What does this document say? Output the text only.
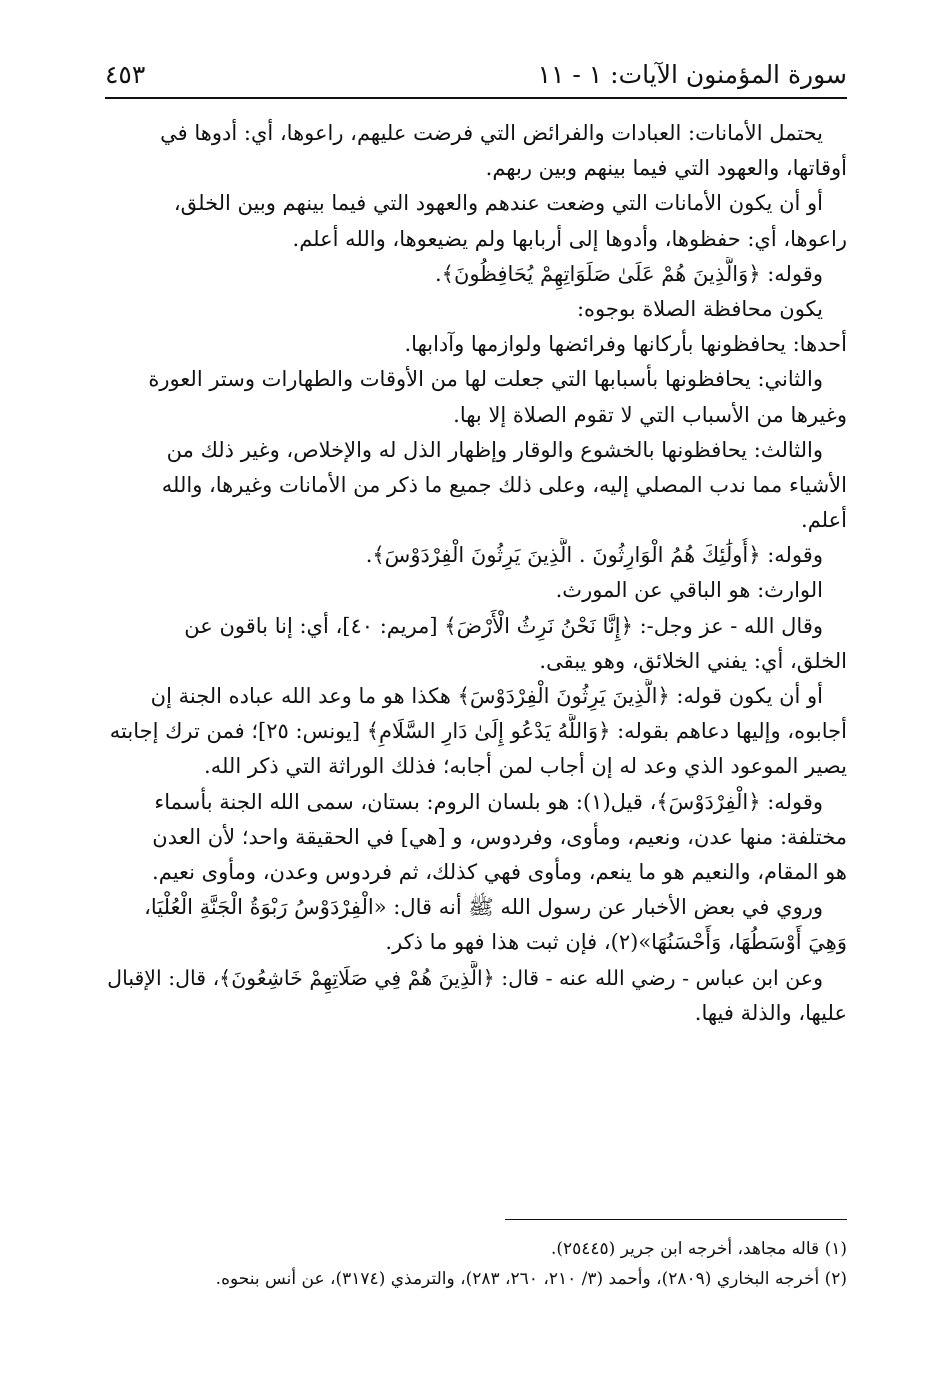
سورة المؤمنون الآيات: ١ - ١١
٤٥٣
يحتمل الأمانات: العبادات والفرائض التي فرضت عليهم، راعوها، أي: أدوها في
أوقاتها، والعهود التي فيما بينهم وبين ربهم.
أو أن يكون الأمانات التي وضعت عندهم والعهود التي فيما بينهم وبين الخلق،
راعوها، أي: حفظوها، وأدوها إلى أربابها ولم يضيعوها، والله أعلم.
وقوله: ﴿وَالَّذِينَ هُمْ عَلَىٰ صَلَوَاتِهِمْ يُحَافِظُونَ﴾.
يكون محافظة الصلاة بوجوه:
أحدها: يحافظونها بأركانها وفرائضها ولوازمها وآدابها.
والثاني: يحافظونها بأسبابها التي جعلت لها من الأوقات والطهارات وستر العورة
وغيرها من الأسباب التي لا تقوم الصلاة إلا بها.
والثالث: يحافظونها بالخشوع والوقار وإظهار الذل له والإخلاص، وغير ذلك من
الأشياء مما ندب المصلي إليه، وعلى ذلك جميع ما ذكر من الأمانات وغيرها، والله
أعلم.
وقوله: ﴿أُولَٰئِكَ هُمُ الْوَارِثُونَ . الَّذِينَ يَرِثُونَ الْفِرْدَوْسَ﴾.
الوارث: هو الباقي عن المورث.
وقال الله - عز وجل-: ﴿إِنَّا نَحْنُ نَرِثُ الْأَرْضَ﴾ [مريم: ٤٠]، أي: إنا باقون عن
الخلق، أي: يفني الخلائق، وهو يبقى.
أو أن يكون قوله: ﴿الَّذِينَ يَرِثُونَ الْفِرْدَوْسَ﴾ هكذا هو ما وعد الله عباده الجنة إن
أجابوه، وإليها دعاهم بقوله: ﴿وَاللَّهُ يَدْعُو إِلَىٰ دَارِ السَّلَامِ﴾ [يونس: ٢٥]؛ فمن ترك إجابته
يصير الموعود الذي وعد له إن أجاب لمن أجابه؛ فذلك الوراثة التي ذكر الله.
وقوله: ﴿الْفِرْدَوْسَ﴾، قيل(١): هو بلسان الروم: بستان، سمى الله الجنة بأسماء
مختلفة: منها عدن، ونعيم، ومأوى، وفردوس، و [هي] في الحقيقة واحد؛ لأن العدن
هو المقام، والنعيم هو ما ينعم، ومأوى فهي كذلك، ثم فردوس وعدن، ومأوى نعيم.
وروي في بعض الأخبار عن رسول الله ﷺ أنه قال: «الْفِرْدَوْسُ رَبْوَةُ الْجَنَّةِ الْعُلْيَا،
وَهِيَ أَوْسَطُهَا، وَأَحْسَنُهَا»(٢)، فإن ثبت هذا فهو ما ذكر.
وعن ابن عباس - رضي الله عنه - قال: ﴿الَّذِينَ هُمْ فِي صَلَاتِهِمْ خَاشِعُونَ﴾، قال: الإقبال
عليها، والذلة فيها.
(١) قاله مجاهد، أخرجه ابن جرير (٢٥٤٤٥).
(٢) أخرجه البخاري (٢٨٠٩)، وأحمد (٣/ ٢١٠، ٢٦٠، ٢٨٣)، والترمذي (٣١٧٤)، عن أنس بنحوه.
